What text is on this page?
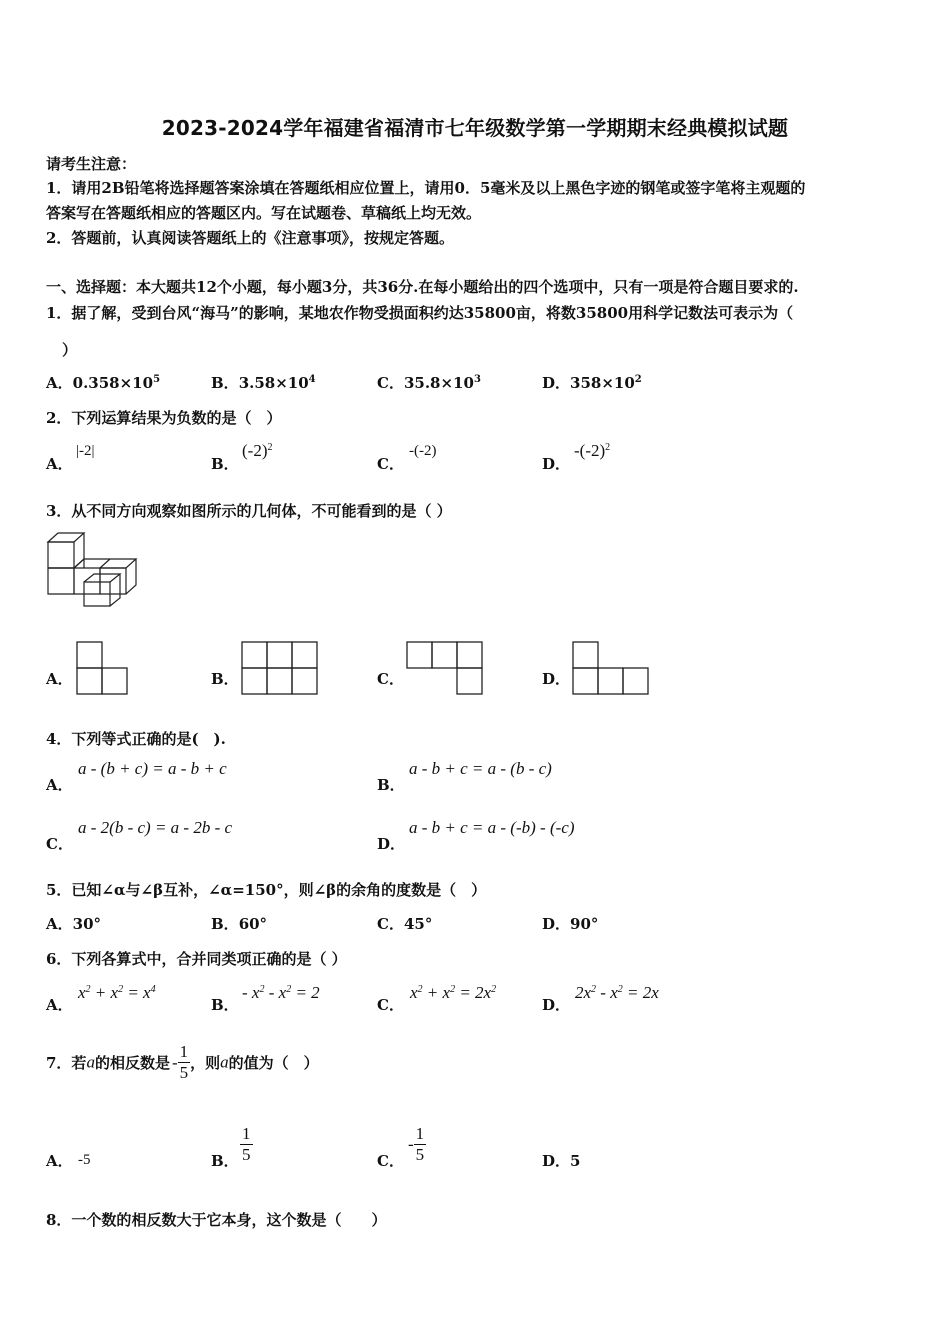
2023-2024学年福建省福清市七年级数学第一学期期末经典模拟试题
请考生注意：
1．请用2B铅笔将选择题答案涂填在答题纸相应位置上，请用0．5毫米及以上黑色字迹的钢笔或签字笔将主观题的
答案写在答题纸相应的答题区内。写在试题卷、草稿纸上均无效。
2．答题前，认真阅读答题纸上的《注意事项》，按规定答题。
一、选择题：本大题共12个小题，每小题3分，共36分.在每小题给出的四个选项中，只有一项是符合题目要求的.
1．据了解，受到台风“海马”的影响，某地农作物受损面积约达35800亩，将数35800用科学记数法可表示为（
）
A．$0.358\times 10^5$	B．$3.58\times 10^4$	C．$35.8\times 10^3$	D．$358\times 10^2$
2．下列运算结果为负数的是（　）
A．
|-2|
B．
$(-2)^2$
C．
-(-2)
D．
$-(-2)^2$
3．从不同方向观察如图所示的几何体，不可能看到的是（ ）
A．	B．	C．	D．
4．下列等式正确的是(　).
A．
a - (b + c) = a - b + c
B．
a - b + c = a - (b - c)
C．
a - 2(b - c) = a - 2b - c
D．
a - b + c = a - (-b) - (-c)
5．已知∠α与∠β互补，∠α=150°，则∠β的余角的度数是（　）
A．30°	B．60°	C．45°	D．90°
6．下列各算式中，合并同类项正确的是（ ）
A．
$x^2 + x^2 = x^4$
B．
- $x^2 - x^2 = 2$
C．
$x^2 + x^2 = 2x^2$
D．
$2x^2 - x^2 = 2x$
7．若a的相反数是 - $\frac{1}{5}$ ，则a的值为（　）
A． -5	B． $\frac{1}{5}$	C．
- $\frac{1}{5}$	D．5
8．一个数的相反数大于它本身，这个数是（　　）
